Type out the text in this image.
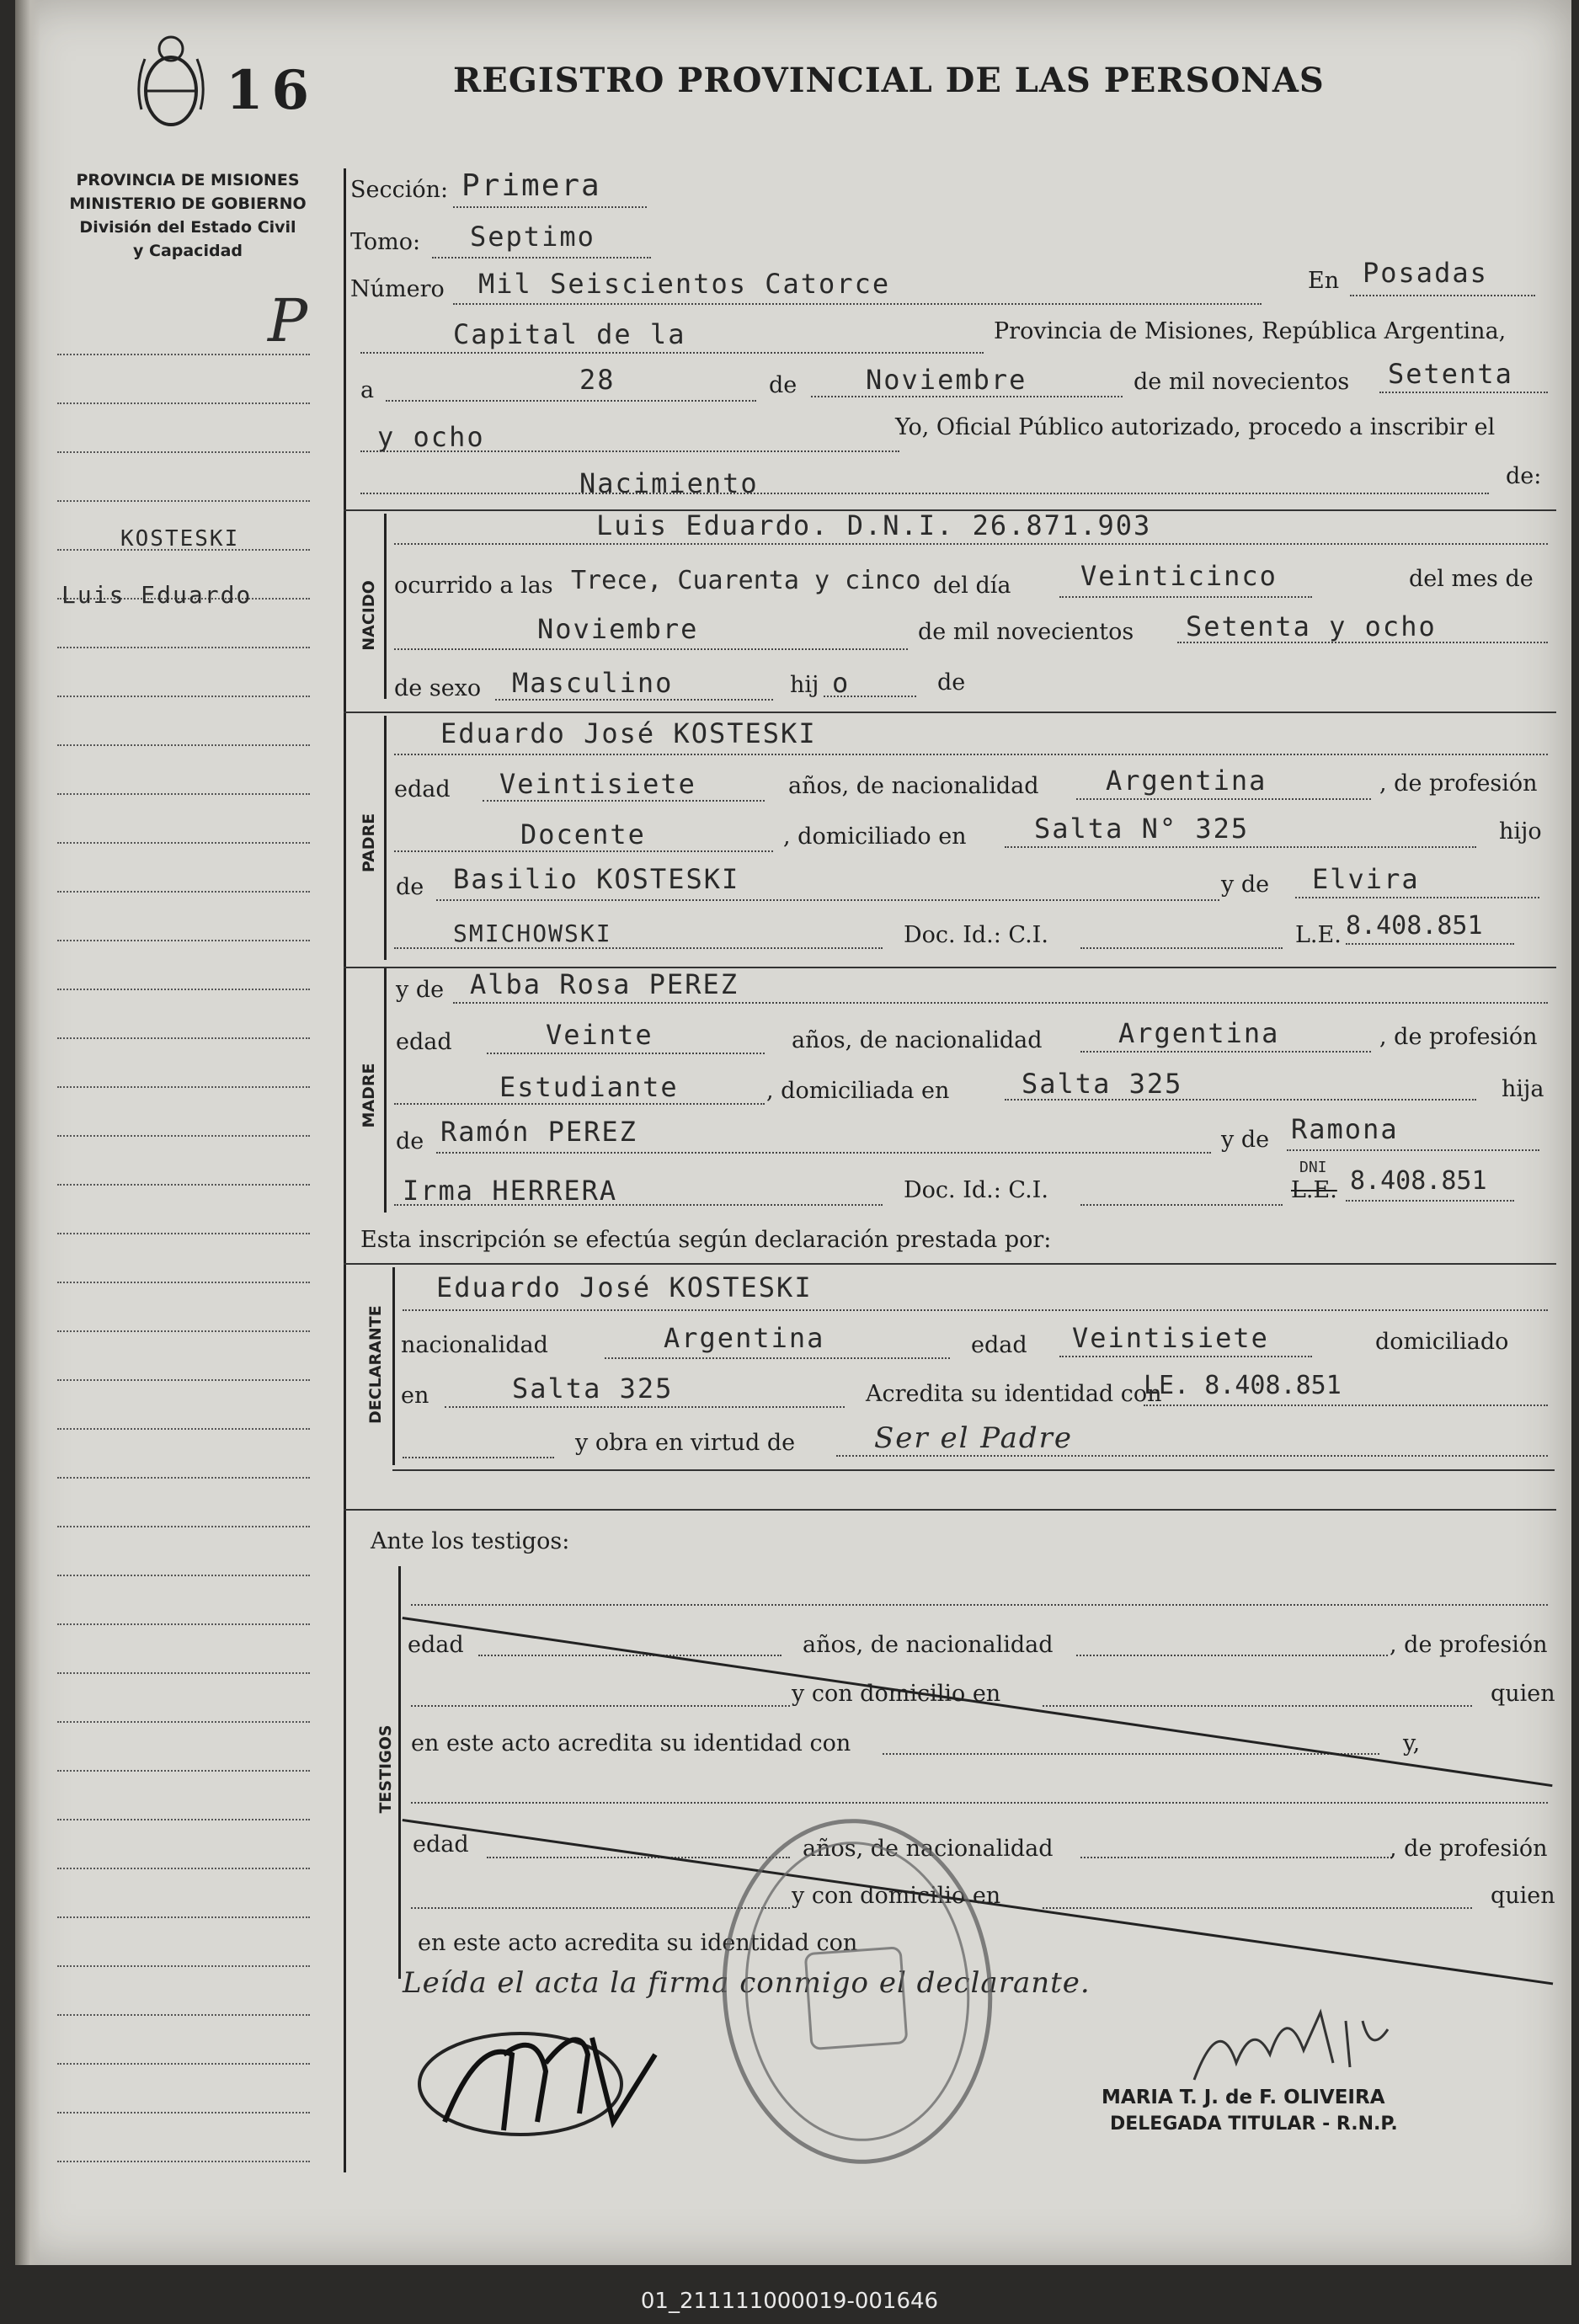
16	REGISTRO PROVINCIAL DE LAS PERSONAS
PROVINCIA DE MISIONES
MINISTERIO DE GOBIERNO
División del Estado Civil
y Capacidad
P
KOSTESKI
Luis Eduardo
Sección: Primera
Tomo: Septimo
Número Mil Seiscientos Catorce	En Posadas
Capital de la	Provincia de Misiones, República Argentina,
a	28	de	Noviembre	de mil novecientos Setenta
y ocho	Yo, Oficial Público autorizado, procedo a inscribir el
Nacimiento	de:
NACIDO
Luis Eduardo. D.N.I. 26.871.903
ocurrido a las Trece, Cuarenta y cinco del día	Veinticinco	del mes de
Noviembre	de mil novecientos Setenta y ocho
de sexo Masculino	hij o	de
PADRE
Eduardo José KOSTESKI
edad Veintisiete	años, de nacionalidad Argentina	, de profesión
Docente	, domiciliado en	Salta N° 325	hijo
de Basilio KOSTESKI	y de Elvira
SMICHOWSKI	Doc. Id.: C.I.	L.E. 8.408.851
MADRE
y de Alba Rosa PEREZ
edad	Veinte	años, de nacionalidad	Argentina	, de profesión
Estudiante	, domiciliada en	Salta 325	hija
de Ramón PEREZ	y de Ramona
Irma HERRERA	Doc. Id.: C.I.
DNI
L.E. 8.408.851
Esta inscripción se efectúa según declaración prestada por:
DECLARANTE
Eduardo José KOSTESKI
nacionalidad	Argentina	edad Veintisiete	domiciliado
en	Salta 325	Acredita su identidad con
LE. 8.408.851
y obra en virtud de	Ser el Padre
Ante los testigos:
TESTIGOS
edad	años, de nacionalidad	, de profesión
y con domicilio en	quien
en este acto acredita su identidad con	y,
edad	años, de nacionalidad	, de profesión
y con domicilio en	quien
en este acto acredita su identidad con
Leída el acta la firma conmigo el declarante.
MARIA T. J. de F. OLIVEIRA
DELEGADA TITULAR - R.N.P.
01_211111000019-001646
